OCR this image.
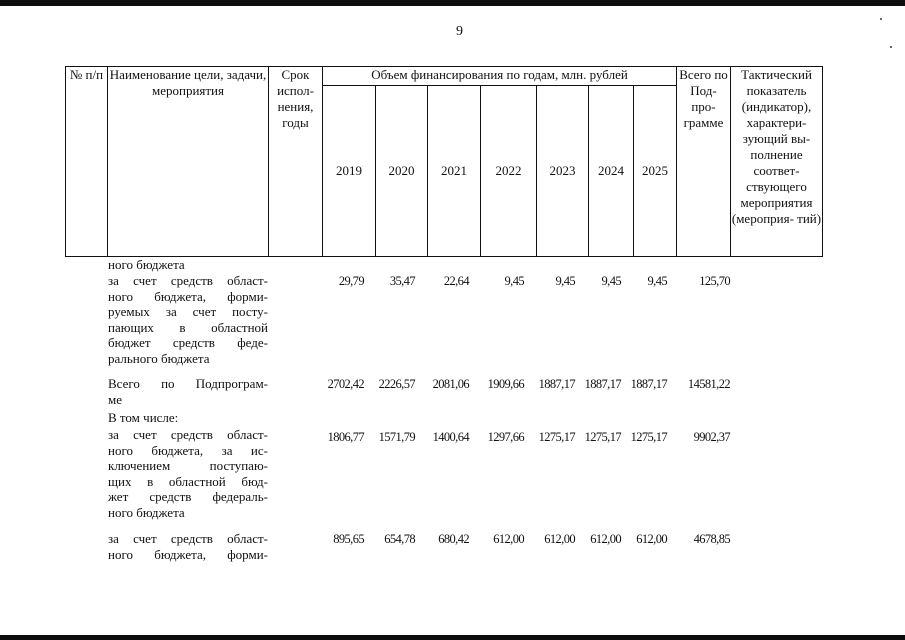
9
№ п/п	Наименование цели, задачи, мероприятия	Срок испол- нения, годы	Объем финансирования по годам, млн. рублей							Всего по Под- про- грамме	Тактический показатель (индикатор), характери- зующий вы- полнение соответ- ствующего мероприятия (мероприя- тий)
			2019	2020	2021	2022	2023	2024	2025		
ного бюджета
за счет средств област-
ного бюджета, форми-
руемых за счет посту-
пающих в областной
бюджет средств феде-
рального бюджета
29,79 35,47 22,64	9,45	9,45 9,45 9,45	125,70
Всего по Подпрограм-
ме
2702,42 2226,57 2081,06 1909,66 1887,17 1887,17 1887,17 14581,22
В том числе:
за счет средств област-
ного бюджета, за ис-
ключением поступаю-
щих в областной бюд-
жет средств федераль-
ного бюджета
1806,77 1571,79 1400,64 1297,66 1275,17 1275,17 1275,17 9902,37
за счет средств област-
ного бюджета, форми-
895,65 654,78 680,42 612,00 612,00 612,00 612,00 4678,85
